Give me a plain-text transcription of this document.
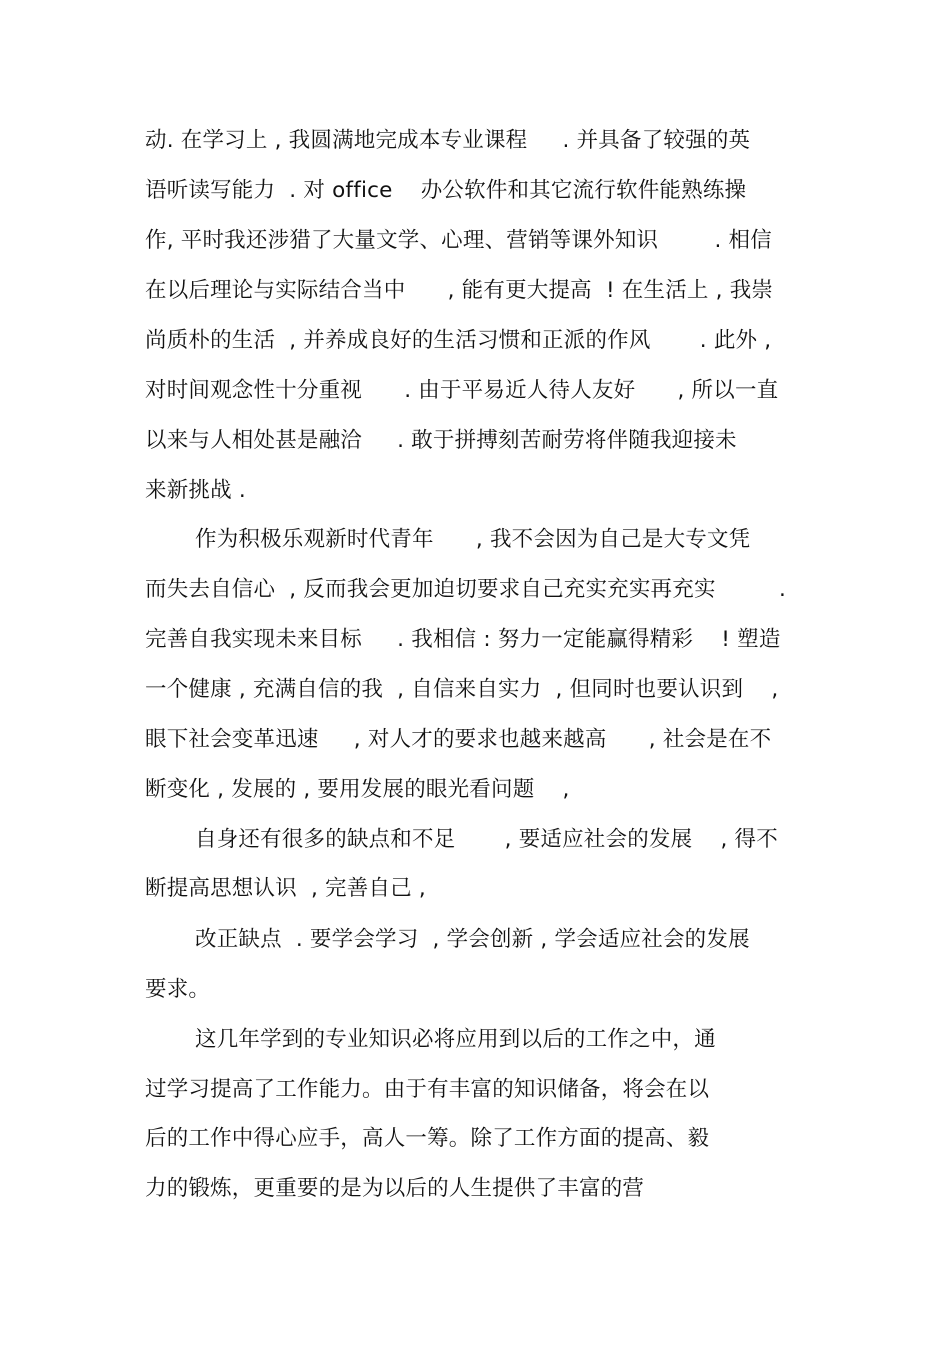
动. 在学习上 , 我圆满地完成本专业课程     . 并具备了较强的英
语听读写能力  . 对 office    办公软件和其它流行软件能熟练操
作, 平时我还涉猎了大量文学、心理、营销等课外知识        . 相信
在以后理论与实际结合当中      , 能有更大提高  ! 在生活上 , 我崇
尚质朴的生活  , 并养成良好的生活习惯和正派的作风       . 此外 ,
对时间观念性十分重视      . 由于平易近人待人友好      , 所以一直
以来与人相处甚是融洽     . 敢于拼搏刻苦耐劳将伴随我迎接未
来新挑战 .
作为积极乐观新时代青年      , 我不会因为自己是大专文凭
而失去自信心  , 反而我会更加迫切要求自己充实充实再充实         .
完善自我实现未来目标     . 我相信 : 努力一定能赢得精彩    ! 塑造
一个健康 , 充满自信的我  , 自信来自实力  , 但同时也要认识到    ,
眼下社会变革迅速     , 对人才的要求也越来越高      , 社会是在不
断变化 , 发展的 , 要用发展的眼光看问题    ,
自身还有很多的缺点和不足       , 要适应社会的发展    , 得不
断提高思想认识  , 完善自己 ,
改正缺点  . 要学会学习  , 学会创新 , 学会适应社会的发展
要求。
这几年学到的专业知识必将应用到以后的工作之中，通
过学习提高了工作能力。由于有丰富的知识储备，将会在以
后的工作中得心应手，高人一筹。除了工作方面的提高、毅
力的锻炼，更重要的是为以后的人生提供了丰富的营
